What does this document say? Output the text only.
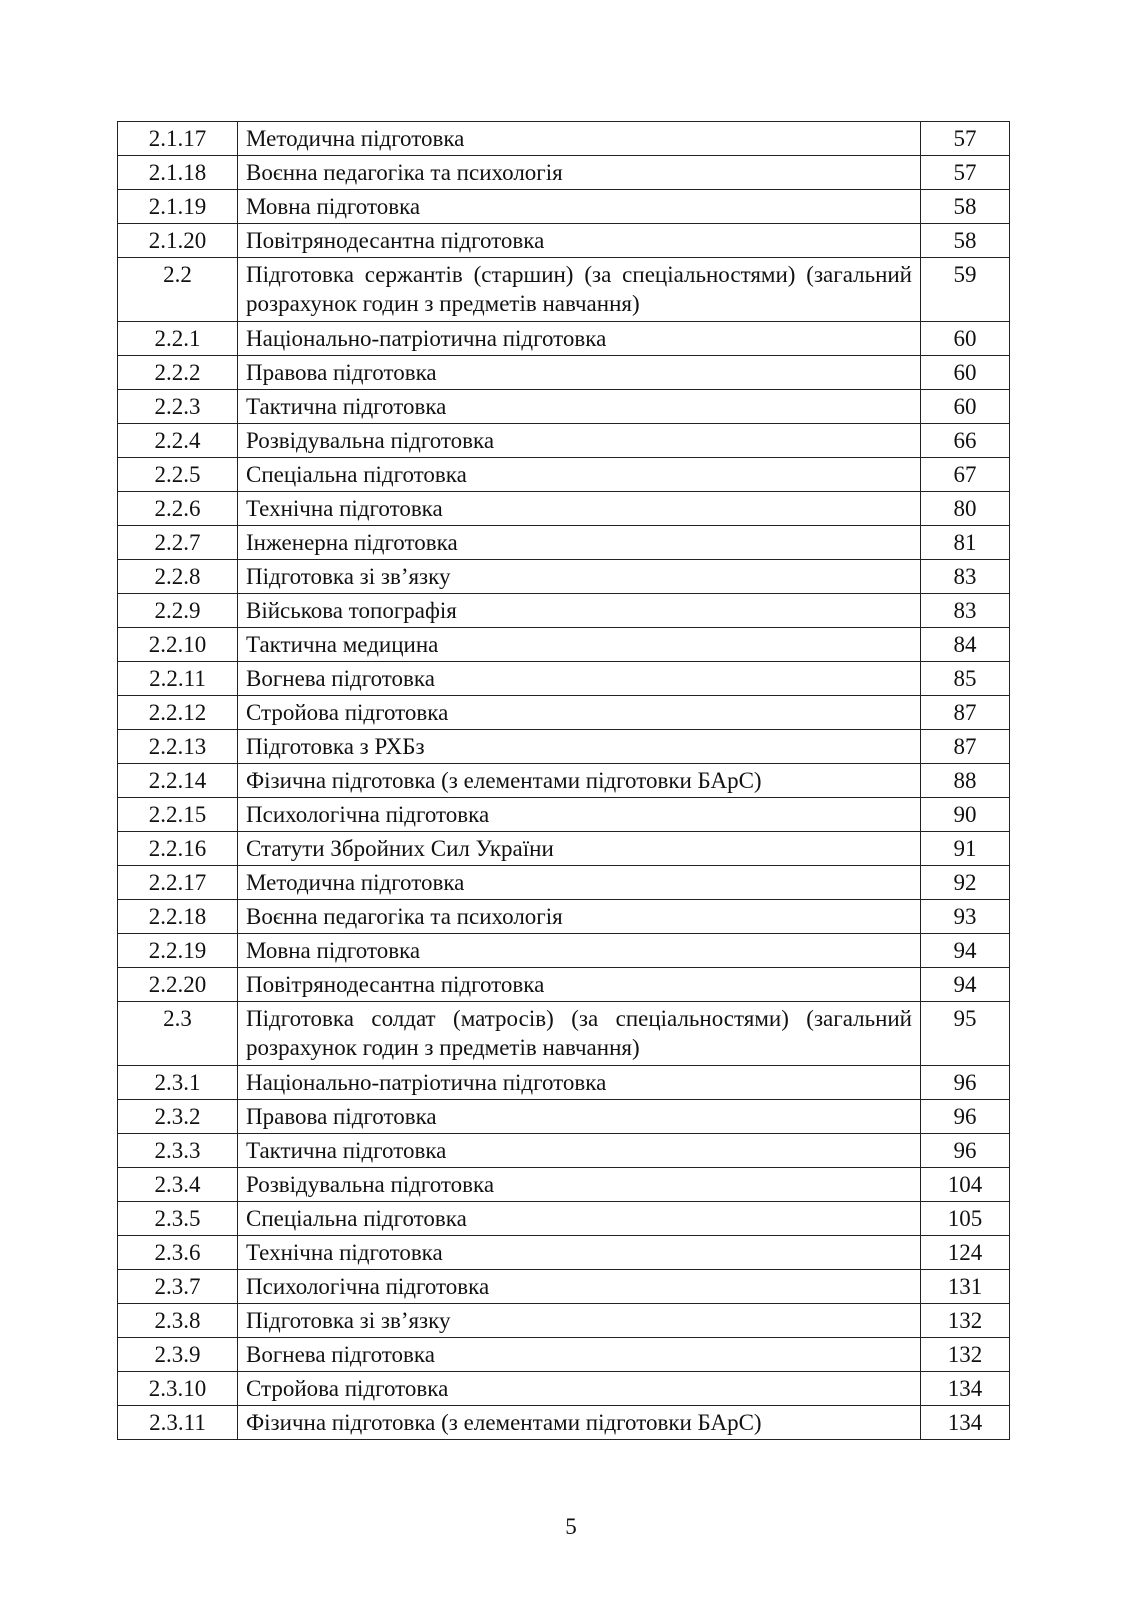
2.1.17	Методична підготовка	57
2.1.18	Воєнна педагогіка та психологія	57
2.1.19	Мовна підготовка	58
2.1.20	Повітрянодесантна підготовка	58
2.2	Підготовка сержантів (старшин) (за спеціальностями) (загальний розрахунок годин з предметів навчання)	59
2.2.1	Національно-патріотична підготовка	60
2.2.2	Правова підготовка	60
2.2.3	Тактична підготовка	60
2.2.4	Розвідувальна підготовка	66
2.2.5	Спеціальна підготовка	67
2.2.6	Технічна підготовка	80
2.2.7	Інженерна підготовка	81
2.2.8	Підготовка зі зв’язку	83
2.2.9	Військова топографія	83
2.2.10	Тактична медицина	84
2.2.11	Вогнева підготовка	85
2.2.12	Стройова підготовка	87
2.2.13	Підготовка з РХБз	87
2.2.14	Фізична підготовка (з елементами підготовки БАрС)	88
2.2.15	Психологічна підготовка	90
2.2.16	Статути Збройних Сил України	91
2.2.17	Методична підготовка	92
2.2.18	Воєнна педагогіка та психологія	93
2.2.19	Мовна підготовка	94
2.2.20	Повітрянодесантна підготовка	94
2.3	Підготовка солдат (матросів) (за спеціальностями) (загальний розрахунок годин з предметів навчання)	95
2.3.1	Національно-патріотична підготовка	96
2.3.2	Правова підготовка	96
2.3.3	Тактична підготовка	96
2.3.4	Розвідувальна підготовка	104
2.3.5	Спеціальна підготовка	105
2.3.6	Технічна підготовка	124
2.3.7	Психологічна підготовка	131
2.3.8	Підготовка зі зв’язку	132
2.3.9	Вогнева підготовка	132
2.3.10	Стройова підготовка	134
2.3.11	Фізична підготовка (з елементами підготовки БАрС)	134
5
